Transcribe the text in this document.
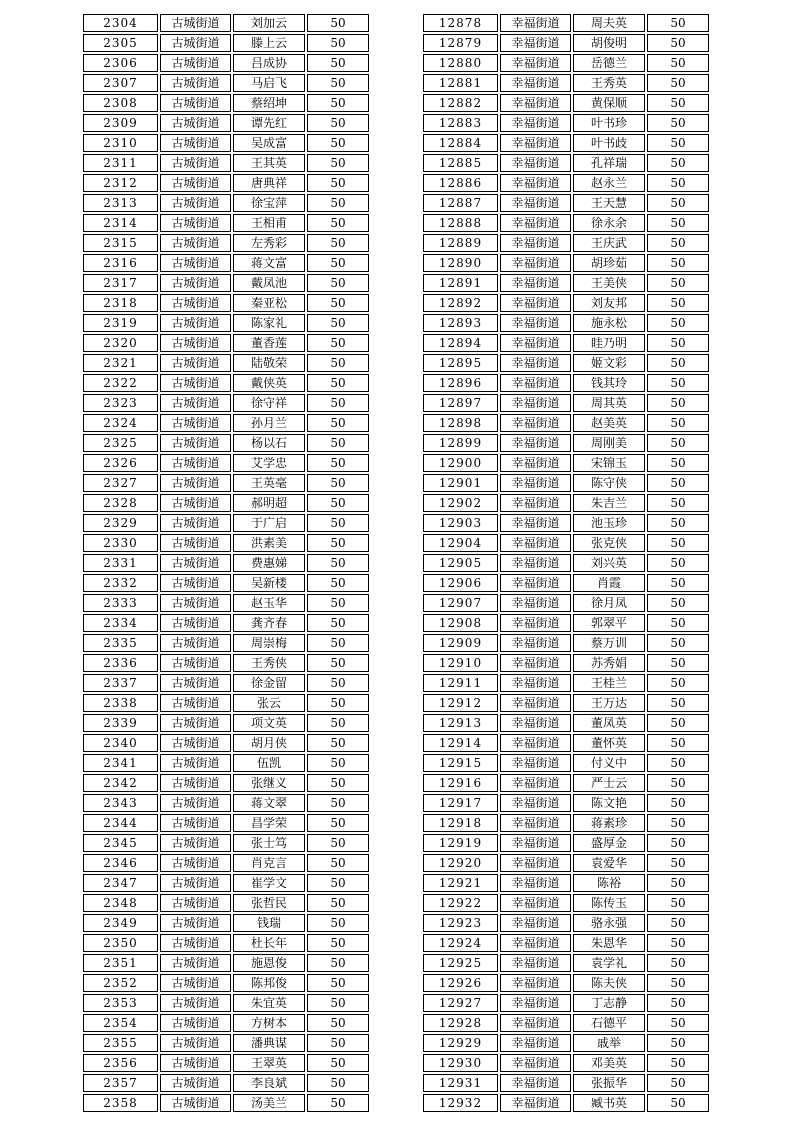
2304	古城街道	刘加云	50
2305	古城街道	滕上云	50
2306	古城街道	吕成协	50
2307	古城街道	马启飞	50
2308	古城街道	蔡绍坤	50
2309	古城街道	谭先红	50
2310	古城街道	吴成富	50
2311	古城街道	王其英	50
2312	古城街道	唐典祥	50
2313	古城街道	徐宝萍	50
2314	古城街道	王相甫	50
2315	古城街道	左秀彩	50
2316	古城街道	蒋文富	50
2317	古城街道	戴凤池	50
2318	古城街道	秦亚松	50
2319	古城街道	陈家礼	50
2320	古城街道	董香莲	50
2321	古城街道	陆敬荣	50
2322	古城街道	戴侠英	50
2323	古城街道	徐守祥	50
2324	古城街道	孙月兰	50
2325	古城街道	杨以石	50
2326	古城街道	艾学忠	50
2327	古城街道	王英毫	50
2328	古城街道	郝明超	50
2329	古城街道	于广启	50
2330	古城街道	洪素美	50
2331	古城街道	费惠娣	50
2332	古城街道	吴新楼	50
2333	古城街道	赵玉华	50
2334	古城街道	龚齐春	50
2335	古城街道	周崇梅	50
2336	古城街道	王秀侠	50
2337	古城街道	徐金留	50
2338	古城街道	张云	50
2339	古城街道	项文英	50
2340	古城街道	胡月侠	50
2341	古城街道	伍凯	50
2342	古城街道	张继义	50
2343	古城街道	蒋文翠	50
2344	古城街道	昌学荣	50
2345	古城街道	张士笃	50
2346	古城街道	肖克言	50
2347	古城街道	崔学文	50
2348	古城街道	张哲民	50
2349	古城街道	钱瑞	50
2350	古城街道	杜长年	50
2351	古城街道	施恩俊	50
2352	古城街道	陈邦俊	50
2353	古城街道	朱宜英	50
2354	古城街道	方树本	50
2355	古城街道	潘典谋	50
2356	古城街道	王翠英	50
2357	古城街道	李良斌	50
2358	古城街道	汤美兰	50
12878	幸福街道	周夫英	50
12879	幸福街道	胡俊明	50
12880	幸福街道	岳德兰	50
12881	幸福街道	王秀英	50
12882	幸福街道	黄保顺	50
12883	幸福街道	叶书珍	50
12884	幸福街道	叶书歧	50
12885	幸福街道	孔祥瑞	50
12886	幸福街道	赵永兰	50
12887	幸福街道	王天慧	50
12888	幸福街道	徐永余	50
12889	幸福街道	王庆武	50
12890	幸福街道	胡珍茹	50
12891	幸福街道	王美侠	50
12892	幸福街道	刘友邦	50
12893	幸福街道	施永松	50
12894	幸福街道	眭乃明	50
12895	幸福街道	姬文彩	50
12896	幸福街道	钱其玲	50
12897	幸福街道	周其英	50
12898	幸福街道	赵美英	50
12899	幸福街道	周刚美	50
12900	幸福街道	宋锦玉	50
12901	幸福街道	陈守侠	50
12902	幸福街道	朱吉兰	50
12903	幸福街道	池玉珍	50
12904	幸福街道	张克侠	50
12905	幸福街道	刘兴英	50
12906	幸福街道	肖霞	50
12907	幸福街道	徐月凤	50
12908	幸福街道	郭翠平	50
12909	幸福街道	蔡万训	50
12910	幸福街道	苏秀娟	50
12911	幸福街道	王桂兰	50
12912	幸福街道	王万达	50
12913	幸福街道	董凤英	50
12914	幸福街道	董怀英	50
12915	幸福街道	付义中	50
12916	幸福街道	严士云	50
12917	幸福街道	陈文艳	50
12918	幸福街道	蒋素珍	50
12919	幸福街道	盛厚金	50
12920	幸福街道	袁爱华	50
12921	幸福街道	陈裕	50
12922	幸福街道	陈传玉	50
12923	幸福街道	骆永强	50
12924	幸福街道	朱恩华	50
12925	幸福街道	袁学礼	50
12926	幸福街道	陈夫侠	50
12927	幸福街道	丁志静	50
12928	幸福街道	石德平	50
12929	幸福街道	戚举	50
12930	幸福街道	邓美英	50
12931	幸福街道	张振华	50
12932	幸福街道	臧书英	50
